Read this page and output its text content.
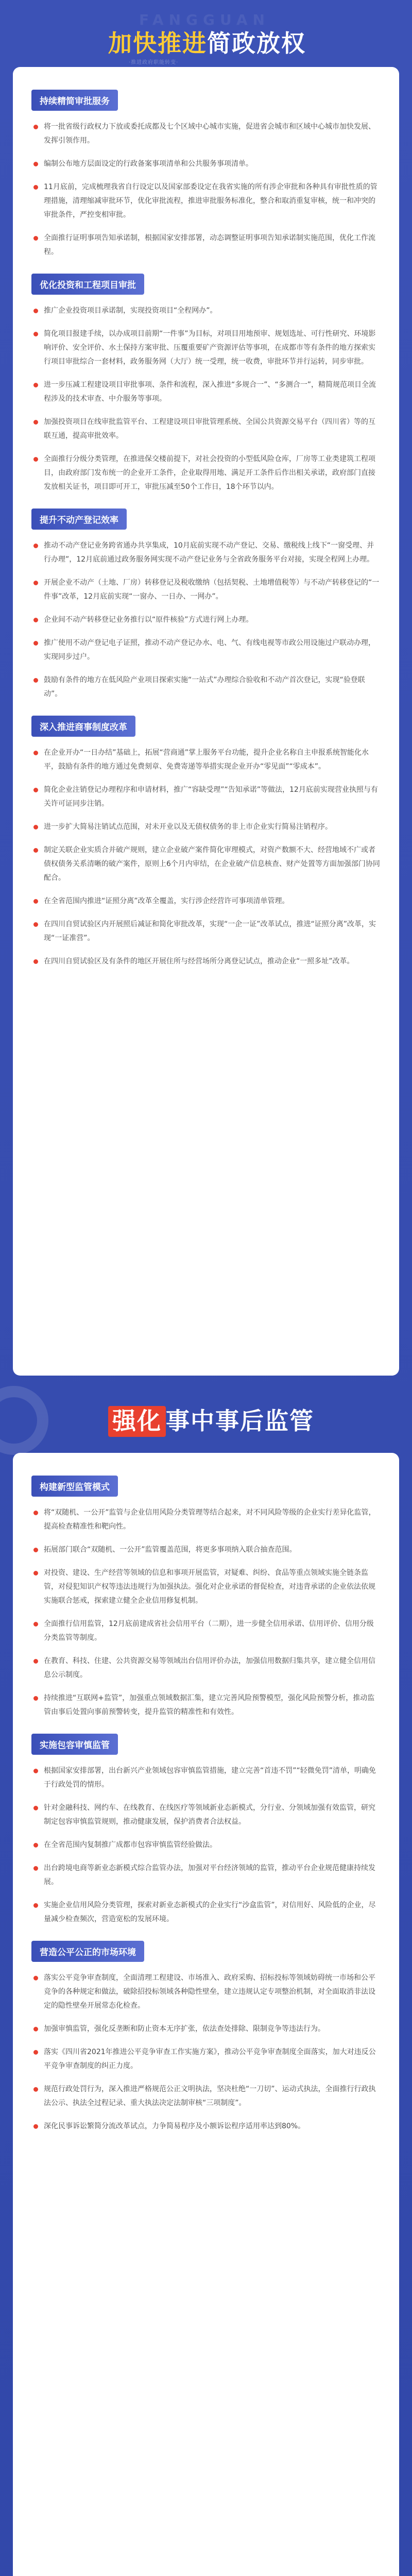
FANGGUAN
加快推进简政放权
·推进政府职能转变·
持续精简审批服务

将一批省级行政权力下放或委托成都及七个区域中心城市实施，促进省会城市和区域中心城市加快发展、发挥引领作用。

编制公布地方层面设定的行政备案事项清单和公共服务事项清单。

11月底前，完成梳理我省自行设定以及国家部委设定在我省实施的所有涉企审批和各种具有审批性质的管理措施，清理缩减审批环节，优化审批流程，推进审批服务标准化，整合和取消重复审核，统一和冲突的审批条件，严控变相审批。

全面推行证明事项告知承诺制，根据国家安排部署，动态调整证明事项告知承诺制实施范围，优化工作流程。

优化投资和工程项目审批

推广企业投资项目承诺制，实现投资项目“全程网办”。

简化项目报建手续，以办成项目前期“一件事”为目标，对项目用地预审、规划选址、可行性研究、环境影响评价、安全评价、水土保持方案审批、压覆重要矿产资源评估等事项，在成都市等有条件的地方探索实行项目审批综合一套材料，政务服务网（大厅）统一受理，统一收费，审批环节并行运转，同步审批。

进一步压减工程建设项目审批事项、条件和流程，深入推进“多规合一”、“多测合一”，精简规范项目全流程涉及的技术审查、中介服务等事项。

加强投资项目在线审批监管平台、工程建设项目审批管理系统、全国公共资源交易平台（四川省）等的互联互通，提高审批效率。

全面推行分级分类管理，在推进保交楼前提下，对社会投资的小型低风险仓库，厂房等工业类建筑工程项目，由政府部门发布统一的企业开工条件，企业取得用地、满足开工条件后作出相关承诺，政府部门直接发放相关证书，项目即可开工，审批压减至50个工作日，18个环节以内。

提升不动产登记效率

推动不动产登记业务跨省通办共享集成，10月底前实现不动产登记、交易、缴税线上线下“一窗受理、并行办理”，12月底前通过政务服务网实现不动产登记业务与全省政务服务平台对接，实现全程网上办理。

开展企业不动产（土地、厂房）转移登记及税收缴纳（包括契税、土地增值税等）与不动产转移登记的“一件事”改革，12月底前实现“一窗办、一日办、一网办”。

企业间不动产转移登记业务推行以“原件核验”方式进行网上办理。

推广使用不动产登记电子证照，推动不动产登记办水、电、气、有线电视等市政公用设施过户联动办理，实现同步过户。

鼓励有条件的地方在低风险产业项目探索实施“一站式”办理综合验收和不动产首次登记，实现“验登联动”。

深入推进商事制度改革

在企业开办“一日办结”基础上，拓展“营商通”掌上服务平台功能，提升企业名称自主申报系统智能化水平，鼓励有条件的地方通过免费刻章、免费寄递等举措实现企业开办“零见面”“零成本”。

简化企业注销登记办理程序和申请材料，推广“容缺受理”“告知承诺”等做法，12月底前实现营业执照与有关许可证同步注销。

进一步扩大简易注销试点范围，对未开业以及无债权债务的非上市企业实行简易注销程序。

制定关联企业实质合并破产规则，建立企业破产案件简化审理模式，对资产数额不大、经营地域不广或者债权债务关系清晰的破产案件，原则上6个月内审结，在企业破产信息核查、财产处置等方面加强部门协同配合。

在全省范围内推进“证照分离”改革全覆盖，实行涉企经营许可事项清单管理。

在四川自贸试验区内开展照后减证和简化审批改革，实现“一企一证”改革试点，推进“证照分离”改革，实现“一证准营”。

在四川自贸试验区及有条件的地区开展住所与经营场所分离登记试点，推动企业“一照多址”改革。

强化 事中事后监管
构建新型监管模式

将“双随机、一公开”监管与企业信用风险分类管理等结合起来，对不同风险等级的企业实行差异化监管，提高检查精准性和靶向性。

拓展部门联合“双随机、一公开”监管覆盖范围，将更多事项纳入联合抽查范围。

对投资、建设、生产经营等领域的信息和事项开展监管，对疑难、纠纷、食品等重点领域实施全链条监管，对侵犯知识产权等违法违规行为加强执法。强化对企业承诺的督促检查，对违背承诺的企业依法依规实施联合惩戒，探索建立健全企业信用修复机制。

全面推行信用监管，12月底前建成省社会信用平台（二期），进一步健全信用承诺、信用评价、信用分级分类监管等制度。

在教育、科技、住建、公共资源交易等领域出台信用评价办法，加强信用数据归集共享，建立健全信用信息公示制度。

持续推进“互联网+监管”，加强重点领域数据汇集，建立完善风险预警模型，强化风险预警分析，推动监管由事后处置向事前预警转变，提升监管的精准性和有效性。

实施包容审慎监管

根据国家安排部署，出台新兴产业领域包容审慎监管措施，建立完善“首违不罚”“轻微免罚”清单，明确免于行政处罚的情形。

针对金融科技、网约车、在线教育、在线医疗等领域新业态新模式，分行业、分领域加强有效监管，研究制定包容审慎监管规则，推动健康发展，保护消费者合法权益。

在全省范围内复制推广成都市包容审慎监管经验做法。

出台跨境电商等新业态新模式综合监管办法，加强对平台经济领域的监管，推动平台企业规范健康持续发展。

实施企业信用风险分类管理，探索对新业态新模式的企业实行“沙盒监管”，对信用好、风险低的企业，尽量减少检查频次，营造宽松的发展环境。

营造公平公正的市场环境

落实公平竞争审查制度，全面清理工程建设、市场准入、政府采购、招标投标等领域妨碍统一市场和公平竞争的各种规定和做法，破除招投标领域各种隐性壁垒，建立违规认定专项整治机制，对全面取消非法设定的隐性壁垒开展常态化检查。

加强审慎监管，强化反垄断和防止资本无序扩张，依法查处排除、限制竞争等违法行为。

落实《四川省2021年推进公平竞争审查工作实施方案》，推动公平竞争审查制度全面落实，加大对违反公平竞争审查制度的纠正力度。

规范行政处罚行为，深入推进严格规范公正文明执法，坚决杜绝“一刀切”、运动式执法，全面推行行政执法公示、执法全过程记录、重大执法决定法制审核“三项制度”。

深化民事诉讼繁简分流改革试点，力争简易程序及小额诉讼程序适用率达到80%。
